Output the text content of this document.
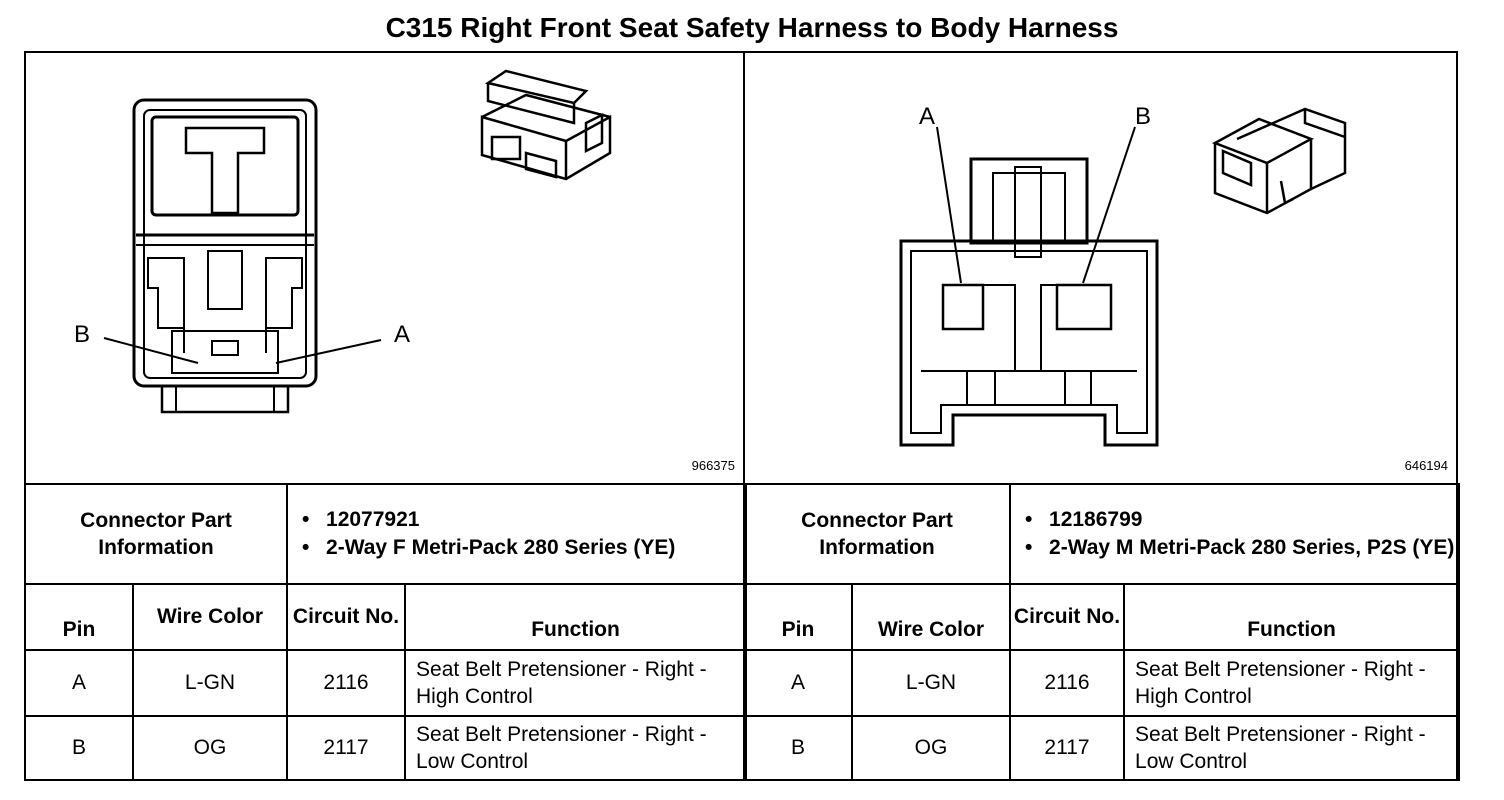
C315 Right Front Seat Safety Harness to Body Harness
966375
B	A
646194
A	B
Connector Part Information		• 12077921
• 2-Way F Metri-Pack 280 Series (YE)	

Pin	Wire Color	Circuit No.	Function
A	L-GN	2116	Seat Belt Pretensioner - Right - High Control
B	OG	2117	Seat Belt Pretensioner - Right - Low Control
Connector Part Information		• 12186799
• 2-Way M Metri-Pack 280 Series, P2S (YE)	

Pin	Wire Color	Circuit No.	Function
A	L-GN	2116	Seat Belt Pretensioner - Right - High Control
B	OG	2117	Seat Belt Pretensioner - Right - Low Control
